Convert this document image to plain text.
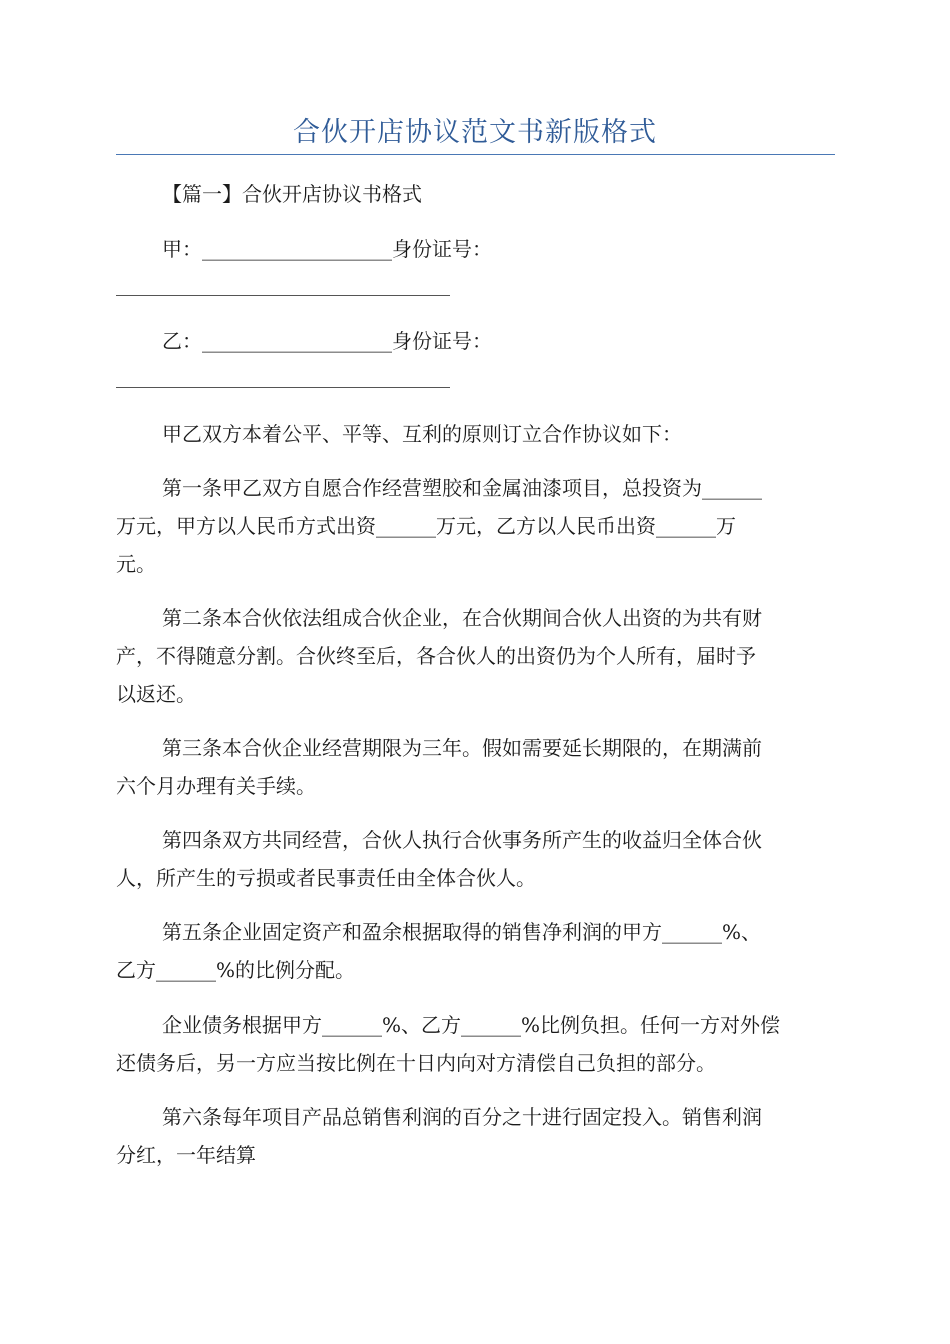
合伙开店协议范文书新版格式
【篇一】合伙开店协议书格式
甲：___________________身份证号：
乙：___________________身份证号：
甲乙双方本着公平、平等、互利的原则订立合作协议如下：
第一条甲乙双方自愿合作经营塑胶和金属油漆项目，总投资为______
万元，甲方以人民币方式出资______万元，乙方以人民币出资______万
元。
第二条本合伙依法组成合伙企业，在合伙期间合伙人出资的为共有财
产，不得随意分割。合伙终至后，各合伙人的出资仍为个人所有，届时予
以返还。
第三条本合伙企业经营期限为三年。假如需要延长期限的，在期满前
六个月办理有关手续。
第四条双方共同经营，合伙人执行合伙事务所产生的收益归全体合伙
人，所产生的亏损或者民事责任由全体合伙人。
第五条企业固定资产和盈余根据取得的销售净利润的甲方______%、
乙方______%的比例分配。
企业债务根据甲方______%、乙方______%比例负担。任何一方对外偿
还债务后，另一方应当按比例在十日内向对方清偿自己负担的部分。
第六条每年项目产品总销售利润的百分之十进行固定投入。销售利润
分红，一年结算
